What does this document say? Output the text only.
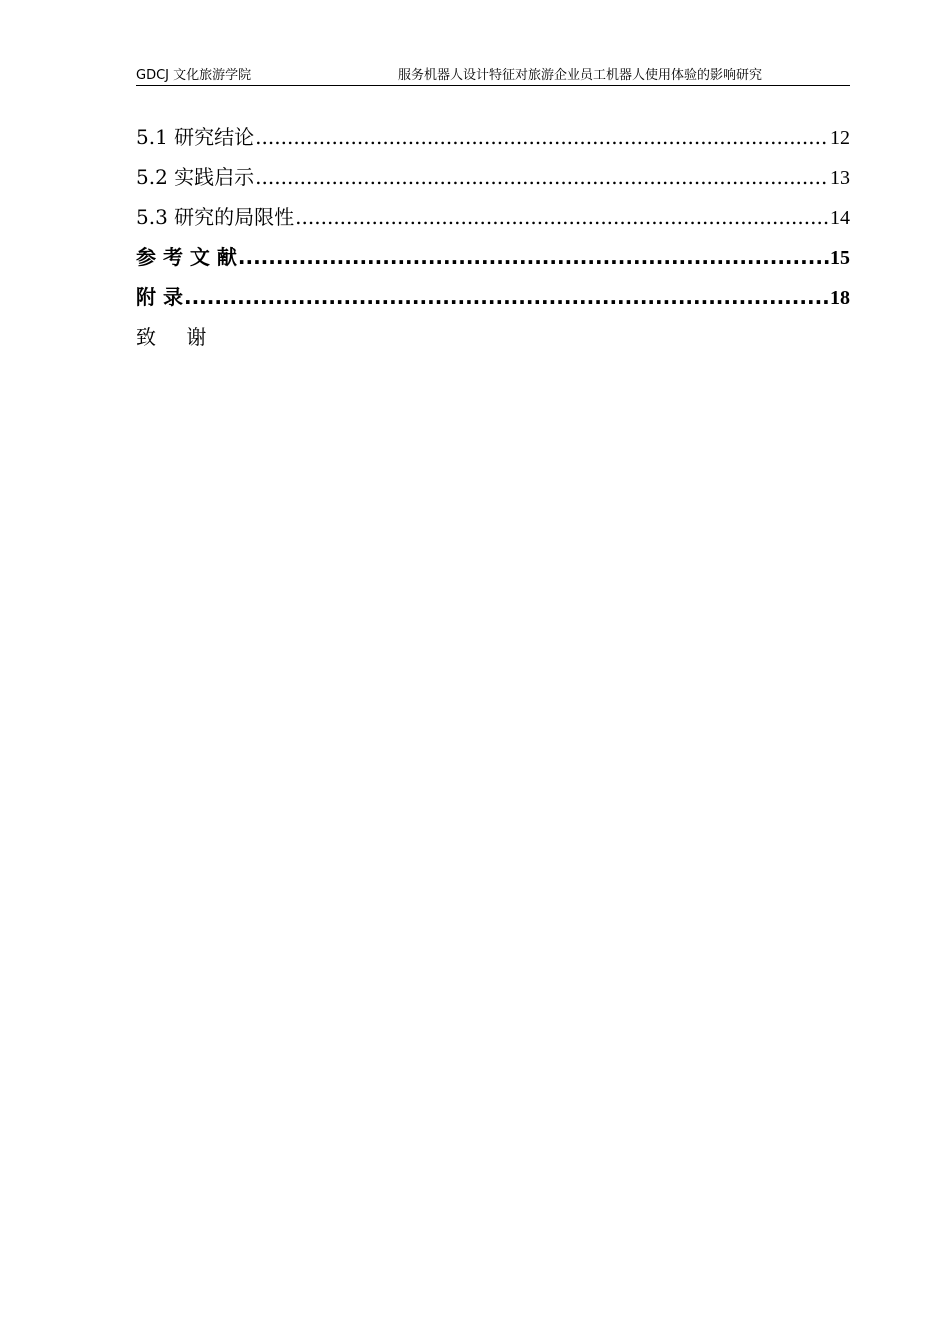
GDCJ 文化旅游学院	服务机器人设计特征对旅游企业员工机器人使用体验的影响研究
5.1 研究结论 .....	12
5.2 实践启示 .....	13
5.3 研究的局限性 .....	14
参 考 文 献 .....	15
附 录 .....	18
致 谢
